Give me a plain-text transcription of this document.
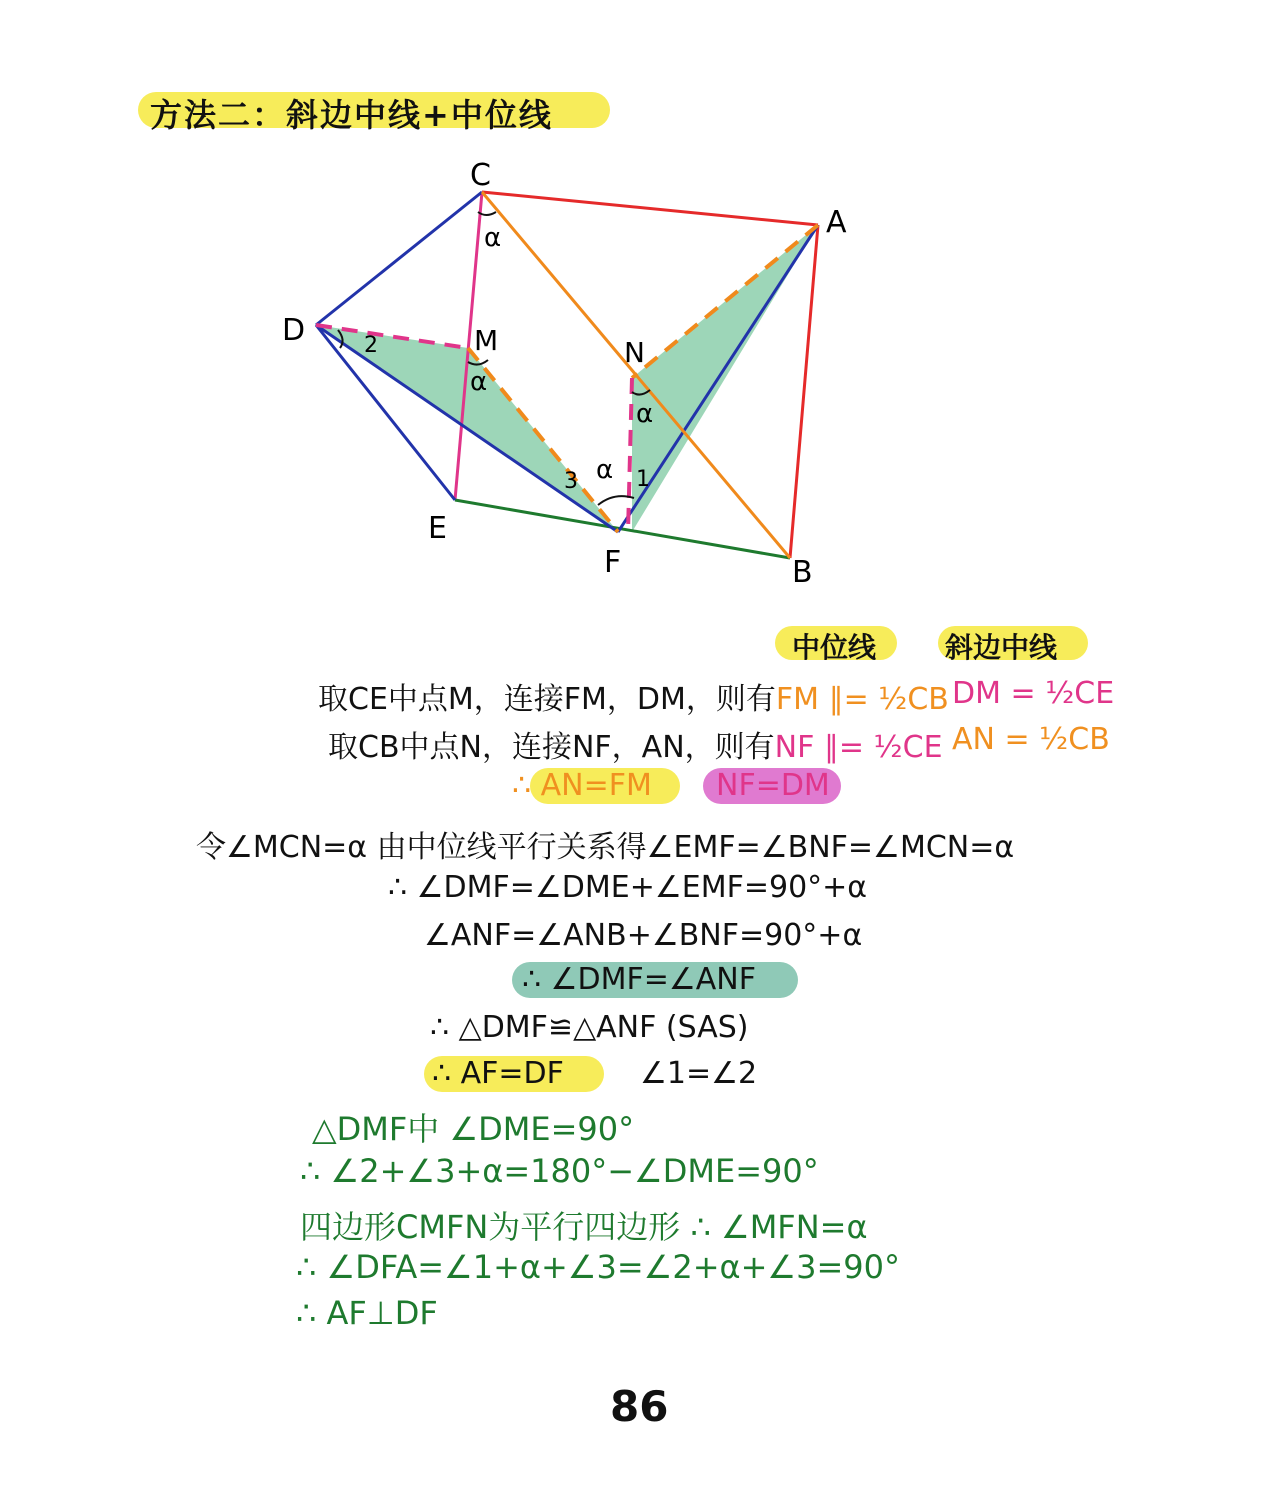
方法二：斜边中线+中位线
C
A
D	M	N
E
F	B
α
α
α
α
2
3	1
中位线 斜边中线
取CE中点M，连接FM，DM，则有FM ∥= ½CB DM = ½CE
取CB中点N，连接NF，AN，则有NF ∥= ½CE AN = ½CB
∴ AN=FM NF=DM
令∠MCN=α 由中位线平行关系得∠EMF=∠BNF=∠MCN=α
∴ ∠DMF=∠DME+∠EMF=90°+α
∠ANF=∠ANB+∠BNF=90°+α
∴ ∠DMF=∠ANF
∴ △DMF≌△ANF (SAS)
∴ AF=DF	∠1=∠2
△DMF中 ∠DME=90°
∴ ∠2+∠3+α=180°−∠DME=90°
四边形CMFN为平行四边形 ∴ ∠MFN=α
∴ ∠DFA=∠1+α+∠3=∠2+α+∠3=90°
∴ AF⊥DF
86
